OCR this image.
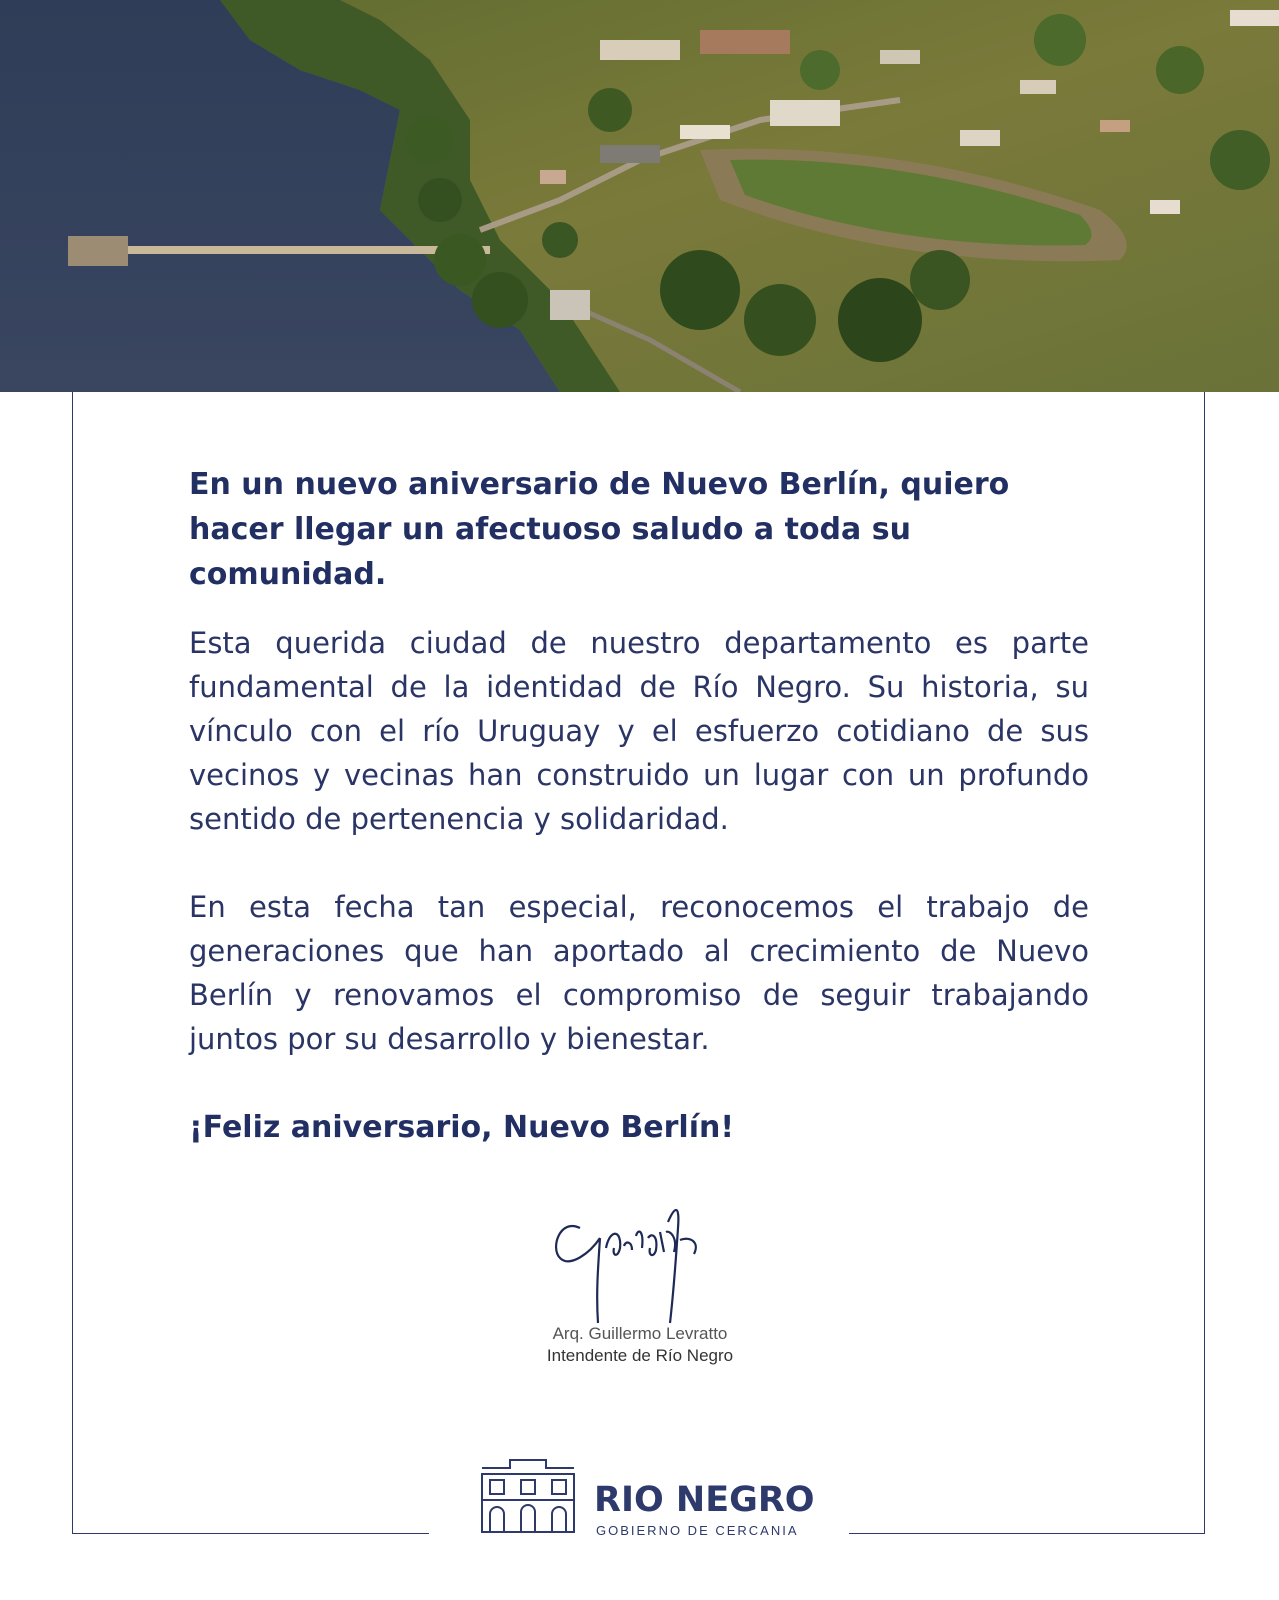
En un nuevo aniversario de Nuevo Berlín, quiero hacer llegar un afectuoso saludo a toda su comunidad.

Esta querida ciudad de nuestro departamento es parte fundamental de la identidad de Río Negro. Su historia, su vínculo con el río Uruguay y el esfuerzo cotidiano de sus vecinos y vecinas han construido un lugar con un profundo sentido de pertenencia y solidaridad.

En esta fecha tan especial, reconocemos el trabajo de generaciones que han aportado al crecimiento de Nuevo Berlín y renovamos el compromiso de seguir trabajando juntos por su desarrollo y bienestar.

¡Feliz aniversario, Nuevo Berlín!

Arq. Guillermo Levratto
Intendente de Río Negro
RIO NEGRO
GOBIERNO DE CERCANIA
